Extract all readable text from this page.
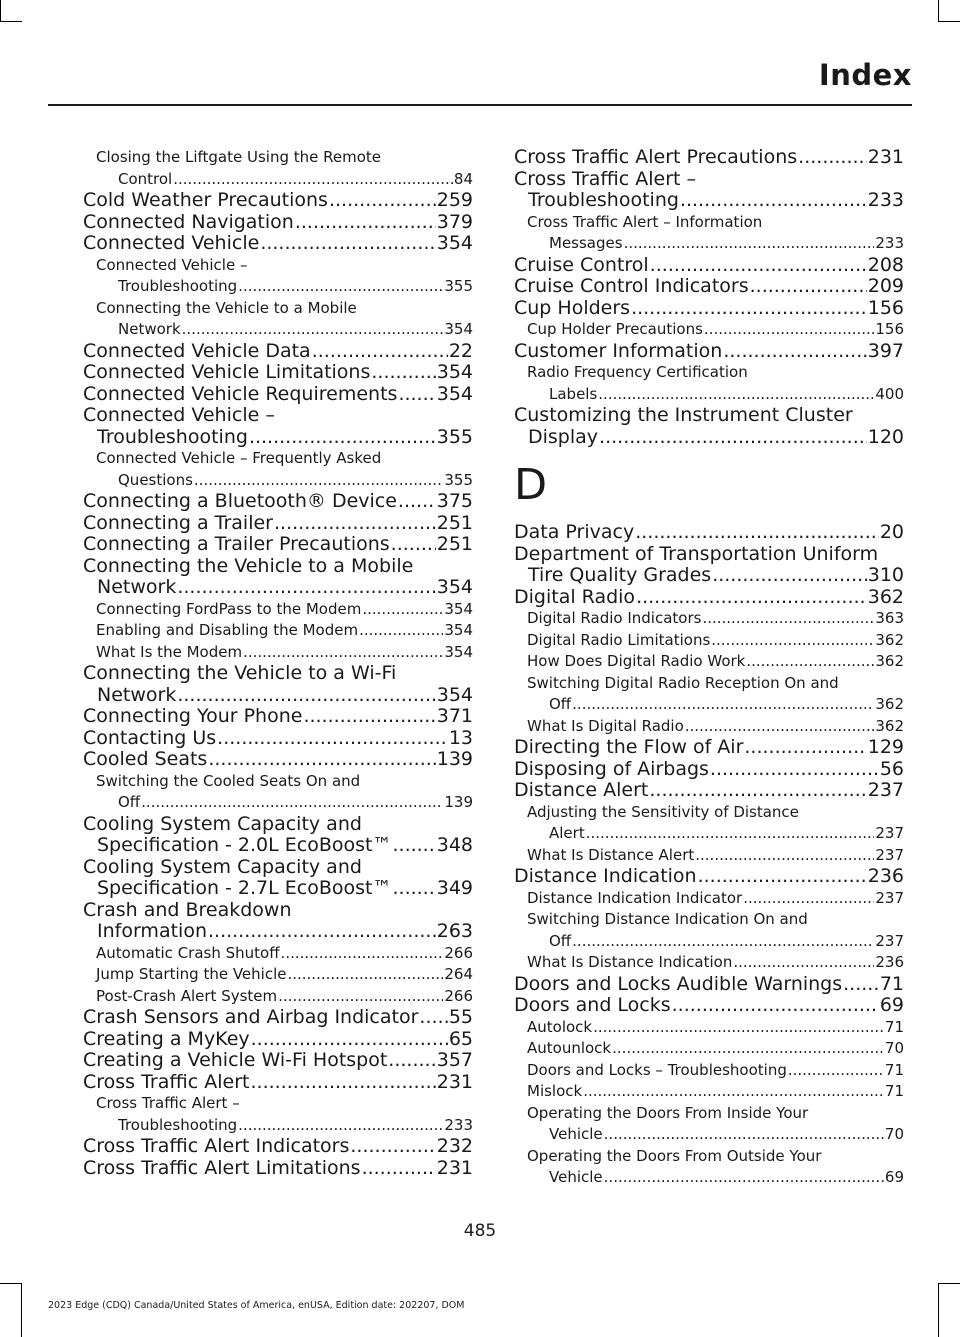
Index
Closing the Liftgate Using the Remote
Control .....	84
Cold Weather Precautions .....	259
Connected Navigation .....	379
Connected Vehicle .....	354
Connected Vehicle –
Troubleshooting .....	355
Connecting the Vehicle to a Mobile
Network .....	354
Connected Vehicle Data .....	22
Connected Vehicle Limitations .....	354
Connected Vehicle Requirements ..... 354
Connected Vehicle –
Troubleshooting .....	355
Connected Vehicle – Frequently Asked
Questions .....	355
Connecting a Bluetooth® Device ..... 375
Connecting a Trailer .....	251
Connecting a Trailer Precautions ..... 251
Connecting the Vehicle to a Mobile
Network .....	354
Connecting FordPass to the Modem .....	354
Enabling and Disabling the Modem .....	354
What Is the Modem .....	354
Connecting the Vehicle to a Wi-Fi
Network .....	354
Connecting Your Phone .....	371
Contacting Us .....	13
Cooled Seats .....	139
Switching the Cooled Seats On and
Off .....	139
Cooling System Capacity and
Specification - 2.0L EcoBoost™ ..... 348
Cooling System Capacity and
Specification - 2.7L EcoBoost™ ..... 349
Crash and Breakdown
Information .....	263
Automatic Crash Shutoff .....	266
Jump Starting the Vehicle .....	264
Post-Crash Alert System .....	266
Crash Sensors and Airbag Indicator ..... 55
Creating a MyKey .....	65
Creating a Vehicle Wi-Fi Hotspot .....	357
Cross Traffic Alert .....	231
Cross Traffic Alert –
Troubleshooting .....	233
Cross Traffic Alert Indicators .....	232
Cross Traffic Alert Limitations .....	231
Cross Traffic Alert Precautions .....	231
Cross Traffic Alert –
Troubleshooting .....	233
Cross Traffic Alert – Information
Messages .....	233
Cruise Control .....	208
Cruise Control Indicators .....	209
Cup Holders .....	156
Cup Holder Precautions .....	156
Customer Information .....	397
Radio Frequency Certification
Labels .....	400
Customizing the Instrument Cluster
Display .....	120
D
Data Privacy .....	20
Department of Transportation Uniform
Tire Quality Grades .....	310
Digital Radio .....	362
Digital Radio Indicators .....	363
Digital Radio Limitations .....	362
How Does Digital Radio Work .....	362
Switching Digital Radio Reception On and
Off .....	362
What Is Digital Radio .....	362
Directing the Flow of Air .....	129
Disposing of Airbags .....	56
Distance Alert .....	237
Adjusting the Sensitivity of Distance
Alert .....	237
What Is Distance Alert .....	237
Distance Indication .....	236
Distance Indication Indicator .....	237
Switching Distance Indication On and
Off .....	237
What Is Distance Indication .....	236
Doors and Locks Audible Warnings ..... 71
Doors and Locks .....	69
Autolock .....	71
Autounlock .....	70
Doors and Locks – Troubleshooting .....	71
Mislock .....	71
Operating the Doors From Inside Your
Vehicle .....	70
Operating the Doors From Outside Your
Vehicle .....	69
485
2023 Edge (CDQ) Canada/United States of America, enUSA, Edition date: 202207, DOM
